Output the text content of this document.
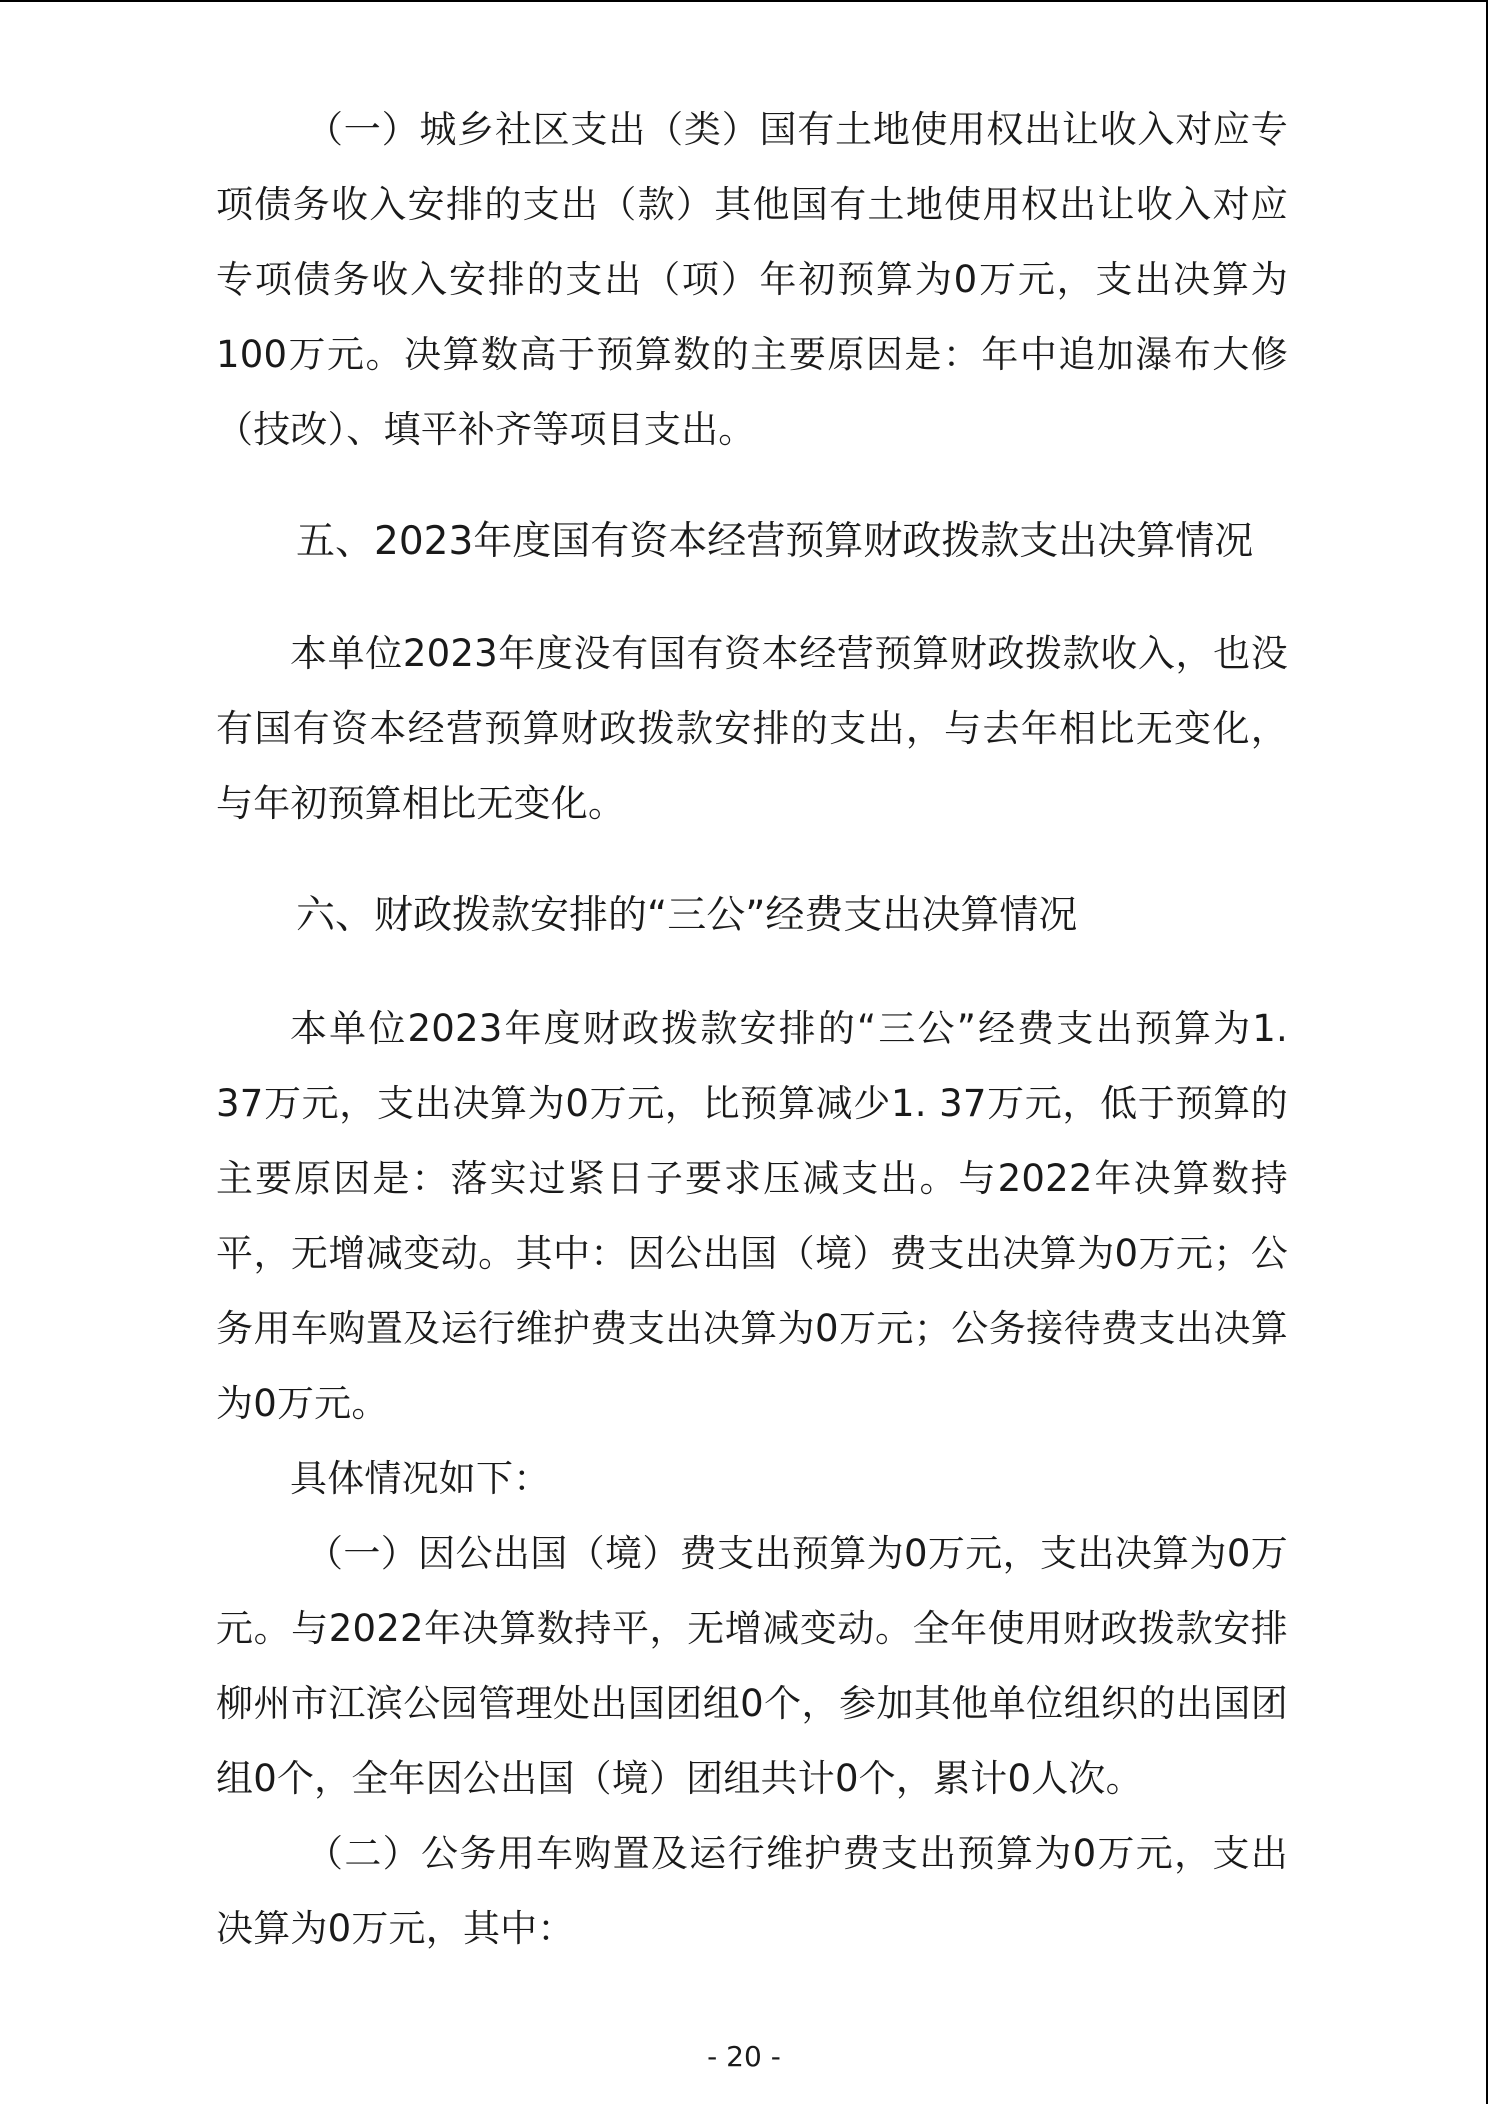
（一）城乡社区支出（类）国有土地使用权出让收入对应专项债务收入安排的支出（款）其他国有土地使用权出让收入对应专项债务收入安排的支出（项）年初预算为0万元，支出决算为100万元。决算数高于预算数的主要原因是：年中追加瀑布大修（技改）、填平补齐等项目支出。

五、2023年度国有资本经营预算财政拨款支出决算情况

本单位2023年度没有国有资本经营预算财政拨款收入，也没有国有资本经营预算财政拨款安排的支出，与去年相比无变化，与年初预算相比无变化。

六、财政拨款安排的“三公”经费支出决算情况

本单位2023年度财政拨款安排的“三公”经费支出预算为1. 37万元，支出决算为0万元，比预算减少1. 37万元，低于预算的主要原因是：落实过紧日子要求压减支出。与2022年决算数持平，无增减变动。其中：因公出国（境）费支出决算为0万元；公务用车购置及运行维护费支出决算为0万元；公务接待费支出决算为0万元。

具体情况如下：

（一）因公出国（境）费支出预算为0万元，支出决算为0万元。与2022年决算数持平，无增减变动。全年使用财政拨款安排柳州市江滨公园管理处出国团组0个，参加其他单位组织的出国团组0个，全年因公出国（境）团组共计0个，累计0人次。

（二）公务用车购置及运行维护费支出预算为0万元，支出决算为0万元，其中：

- 20 -
